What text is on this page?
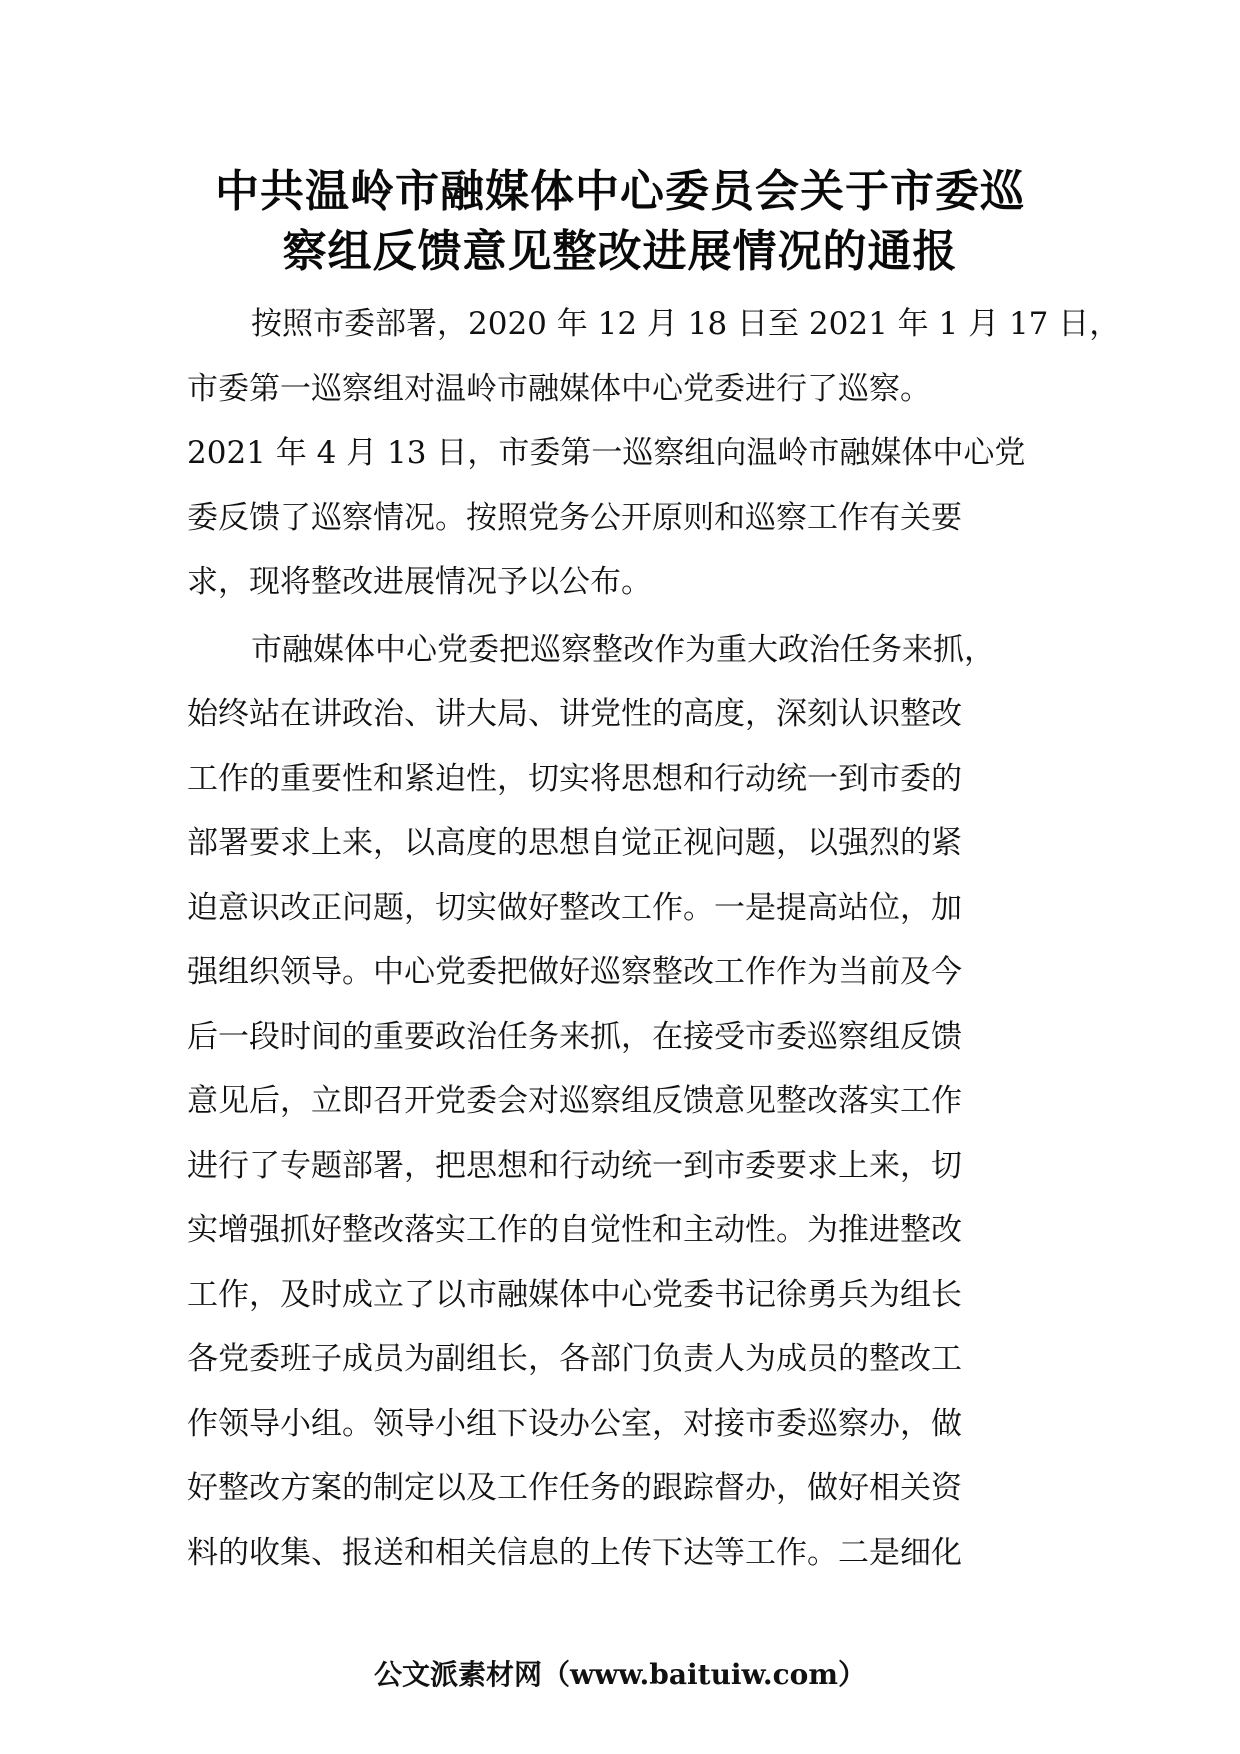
中共温岭市融媒体中心委员会关于市委巡
察组反馈意见整改进展情况的通报
按照市委部署，2020 年 12 月 18 日至 2021 年 1 月 17 日，
市委第一巡察组对温岭市融媒体中心党委进行了巡察。
2021 年 4 月 13 日，市委第一巡察组向温岭市融媒体中心党
委反馈了巡察情况。按照党务公开原则和巡察工作有关要
求，现将整改进展情况予以公布。
市融媒体中心党委把巡察整改作为重大政治任务来抓，
始终站在讲政治、讲大局、讲党性的高度，深刻认识整改
工作的重要性和紧迫性，切实将思想和行动统一到市委的
部署要求上来，以高度的思想自觉正视问题，以强烈的紧
迫意识改正问题，切实做好整改工作。一是提高站位，加
强组织领导。中心党委把做好巡察整改工作作为当前及今
后一段时间的重要政治任务来抓，在接受市委巡察组反馈
意见后，立即召开党委会对巡察组反馈意见整改落实工作
进行了专题部署，把思想和行动统一到市委要求上来，切
实增强抓好整改落实工作的自觉性和主动性。为推进整改
工作，及时成立了以市融媒体中心党委书记徐勇兵为组长
各党委班子成员为副组长，各部门负责人为成员的整改工
作领导小组。领导小组下设办公室，对接市委巡察办，做
好整改方案的制定以及工作任务的跟踪督办，做好相关资
料的收集、报送和相关信息的上传下达等工作。二是细化
公文派素材网（www.baituiw.com）
